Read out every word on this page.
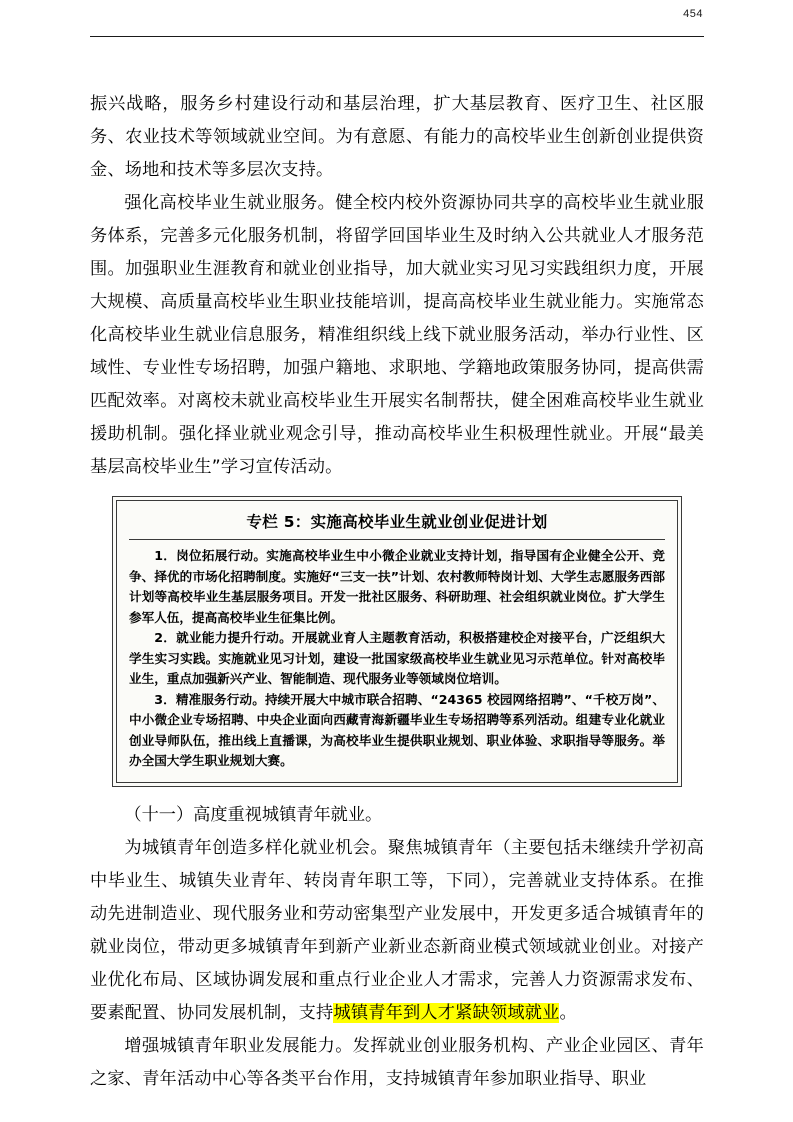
454

振兴战略，服务乡村建设行动和基层治理，扩大基层教育、医疗卫生、社区服务、农业技术等领域就业空间。为有意愿、有能力的高校毕业生创新创业提供资金、场地和技术等多层次支持。

强化高校毕业生就业服务。健全校内校外资源协同共享的高校毕业生就业服务体系，完善多元化服务机制，将留学回国毕业生及时纳入公共就业人才服务范围。加强职业生涯教育和就业创业指导，加大就业实习见习实践组织力度，开展大规模、高质量高校毕业生职业技能培训，提高高校毕业生就业能力。实施常态化高校毕业生就业信息服务，精准组织线上线下就业服务活动，举办行业性、区域性、专业性专场招聘，加强户籍地、求职地、学籍地政策服务协同，提高供需匹配效率。对离校未就业高校毕业生开展实名制帮扶，健全困难高校毕业生就业援助机制。强化择业就业观念引导，推动高校毕业生积极理性就业。开展“最美基层高校毕业生”学习宣传活动。

专栏 5：实施高校毕业生就业创业促进计划

1．岗位拓展行动。实施高校毕业生中小微企业就业支持计划，指导国有企业健全公开、竞争、择优的市场化招聘制度。实施好“三支一扶”计划、农村教师特岗计划、大学生志愿服务西部计划等高校毕业生基层服务项目。开发一批社区服务、科研助理、社会组织就业岗位。扩大学生参军人伍，提高高校毕业生征集比例。

2．就业能力提升行动。开展就业育人主题教育活动，积极搭建校企对接平台，广泛组织大学生实习实践。实施就业见习计划，建设一批国家级高校毕业生就业见习示范单位。针对高校毕业生，重点加强新兴产业、智能制造、现代服务业等领域岗位培训。

3．精准服务行动。持续开展大中城市联合招聘、“24365 校园网络招聘”、“千校万岗”、中小微企业专场招聘、中央企业面向西藏青海新疆毕业生专场招聘等系列活动。组建专业化就业创业导师队伍，推出线上直播课，为高校毕业生提供职业规划、职业体验、求职指导等服务。举办全国大学生职业规划大赛。

（十一）高度重视城镇青年就业。

为城镇青年创造多样化就业机会。聚焦城镇青年（主要包括未继续升学初高中毕业生、城镇失业青年、转岗青年职工等，下同），完善就业支持体系。在推动先进制造业、现代服务业和劳动密集型产业发展中，开发更多适合城镇青年的就业岗位，带动更多城镇青年到新产业新业态新商业模式领域就业创业。对接产业优化布局、区域协调发展和重点行业企业人才需求，完善人力资源需求发布、要素配置、协同发展机制，支持城镇青年到人才紧缺领域就业。

增强城镇青年职业发展能力。发挥就业创业服务机构、产业企业园区、青年之家、青年活动中心等各类平台作用，支持城镇青年参加职业指导、职业
